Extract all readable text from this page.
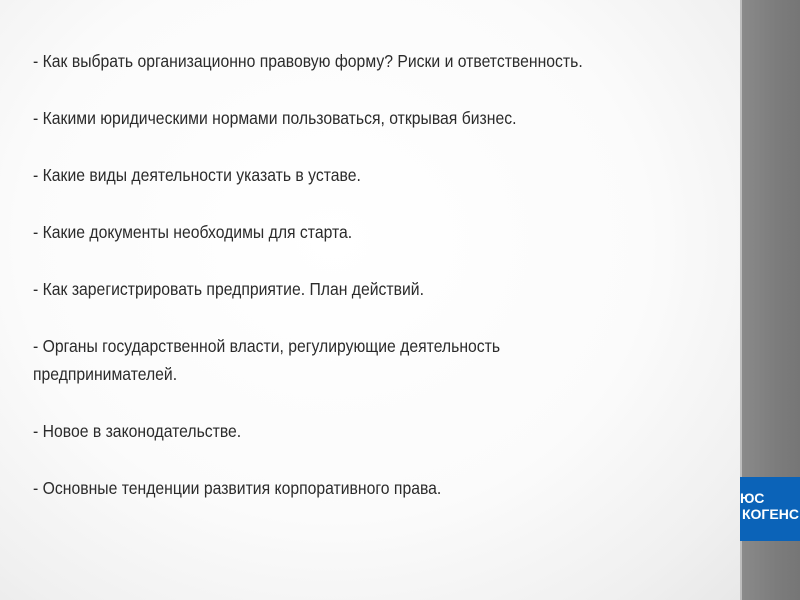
- Как выбрать организационно правовую форму? Риски и ответственность.

- Какими юридическими нормами пользоваться, открывая бизнес.

- Какие виды деятельности указать в уставе.

- Какие документы необходимы для старта.

- Как зарегистрировать предприятие. План действий.

- Органы государственной власти, регулирующие деятельность предпринимателей.

- Новое в законодательстве.

- Основные тенденции развития корпоративного права.	ЮС
КОГЕНС
